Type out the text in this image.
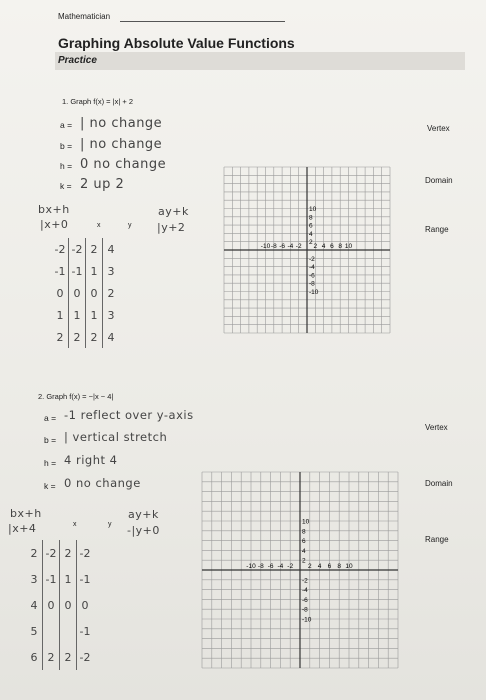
Mathematician
Graphing Absolute Value Functions
Practice
1. Graph f(x) = |x| + 2
a = | no change
b = | no change
h = 0 no change
k = 2 up 2
bx+h
|x+0
ay+k
|y+2
x	y
-2	-2	2	4
-1	-1	1	3
0	0	0	2
1	1	1	3
2	2	2	4
Vertex
Domain
Range
-10 -8 -6 -4 -2 2 4 6 8 10
10
8
6
4
2
-2
-4
-6
-8
-10
2. Graph f(x) = −|x − 4|
a = -1 reflect over y-axis
b = | vertical stretch
h = 4 right 4
k = 0 no change
bx+h
|x+4
ay+k
-|y+0
x	y
2	-2	2	-2
3	-1	1	-1
4	0	0	0
5			-1
6	2	2	-2
Vertex
Domain
Range
-10 -8 -6 -4 -2 2 4 6 8 10
10
8
6
4
2
-2
-4
-6
-8
-10
